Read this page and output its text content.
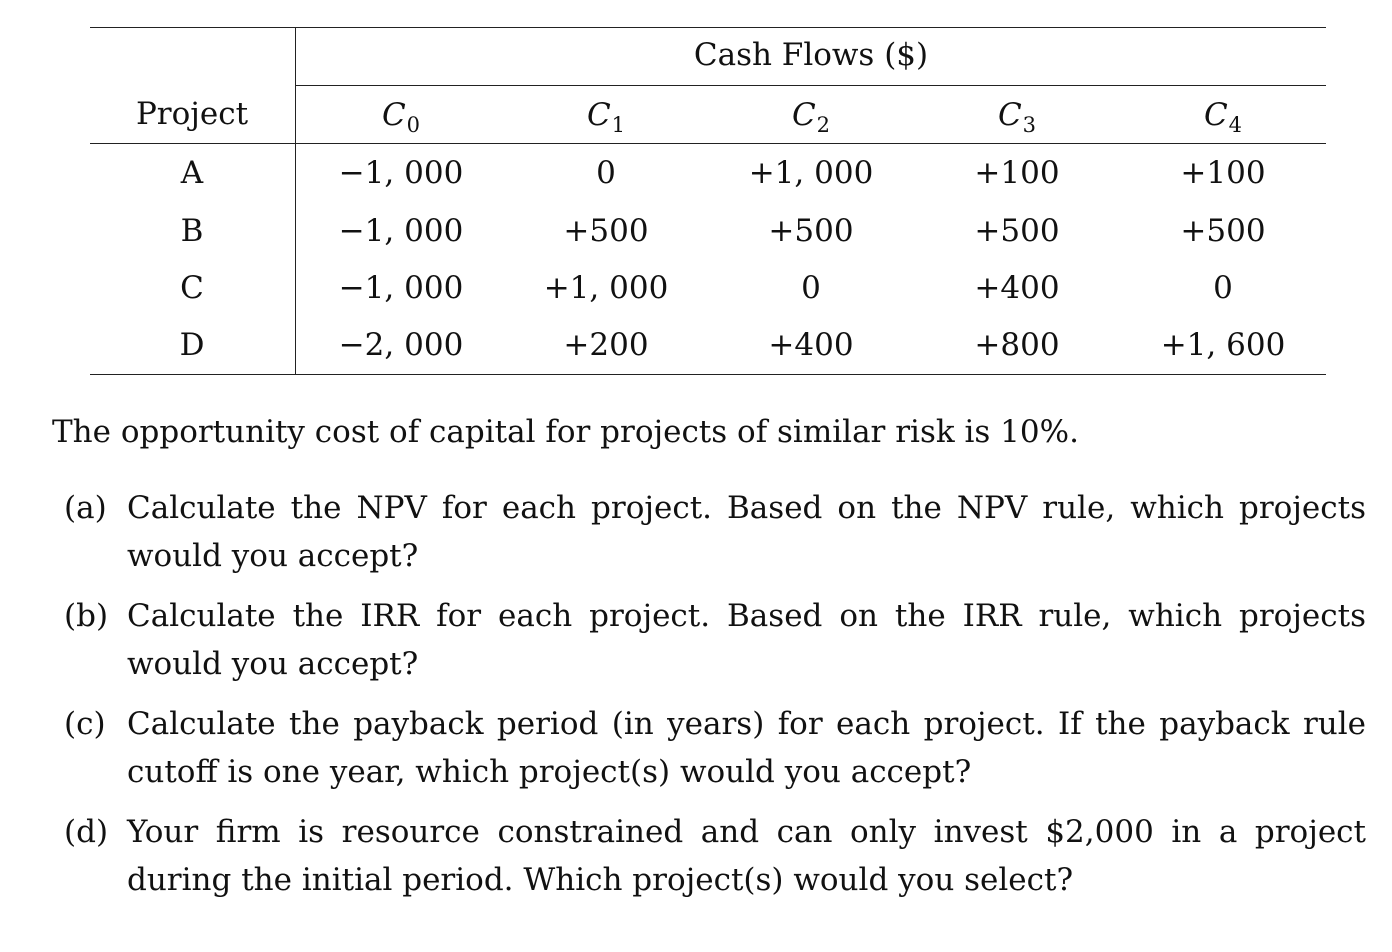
Cash Flows ($)
Project	$C_0$	$C_1$	$C_2$	$C_3$	$C_4$
A	−1, 000	0	+1, 000	+100	+100
B	−1, 000	+500	+500	+500	+500
C	−1, 000	+1, 000	0	+400	0
D	−2, 000	+200	+400	+800	+1, 600
The opportunity cost of capital for projects of similar risk is 10%.
(a) Calculate the NPV for each project. Based on the NPV rule, which projects would you accept?
(b) Calculate the IRR for each project. Based on the IRR rule, which projects would you accept?
(c) Calculate the payback period (in years) for each project. If the payback rule cutoff is one year, which project(s) would you accept?
(d) Your firm is resource constrained and can only invest $2,000 in a project during the initial period. Which project(s) would you select?
